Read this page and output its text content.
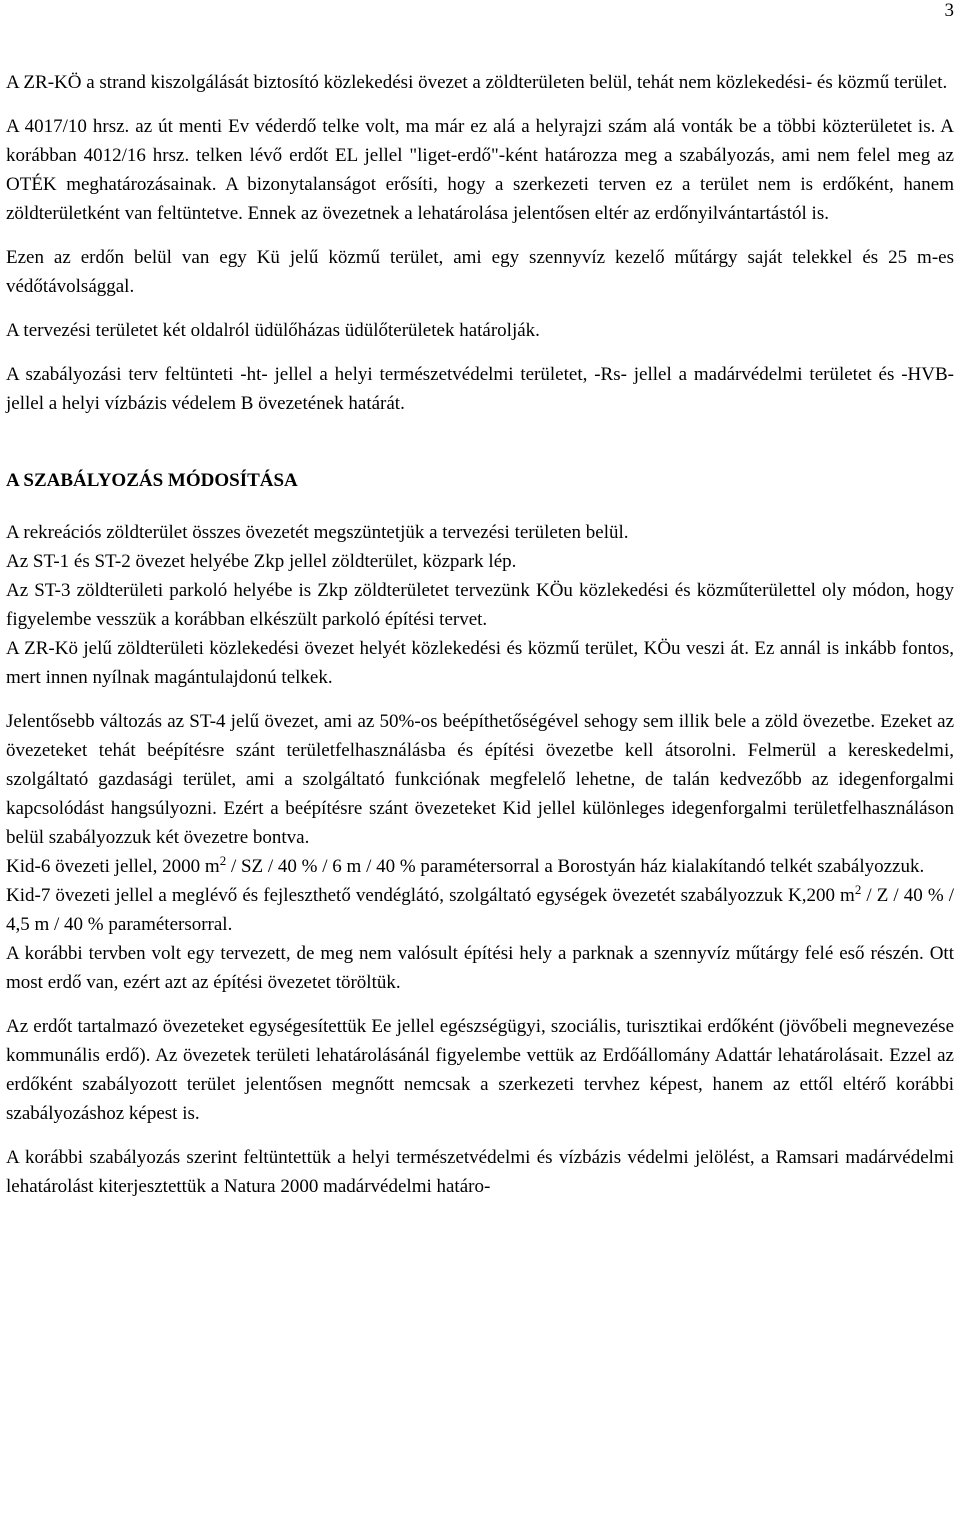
3

A ZR-KÖ a strand kiszolgálását biztosító közlekedési övezet a zöldterületen belül, tehát nem közlekedési- és közmű terület.

A 4017/10 hrsz. az út menti Ev véderdő telke volt, ma már ez alá a helyrajzi szám alá vonták be a többi közterületet is. A korábban 4012/16 hrsz. telken lévő erdőt EL jellel "liget-erdő"-ként határozza meg a szabályozás, ami nem felel meg az OTÉK meghatározásainak. A bizonytalanságot erősíti, hogy a szerkezeti terven ez a terület nem is erdőként, hanem zöldterületként van feltüntetve. Ennek az övezetnek a lehatárolása jelentősen eltér az erdőnyilvántartástól is.

Ezen az erdőn belül van egy Kü jelű közmű terület, ami egy szennyvíz kezelő műtárgy saját telekkel és 25 m-es védőtávolsággal.

A tervezési területet két oldalról üdülőházas üdülőterületek határolják.

A szabályozási terv feltünteti -ht- jellel a helyi természetvédelmi területet, -Rs- jellel a madárvédelmi területet és -HVB- jellel a helyi vízbázis védelem B övezetének határát.

A SZABÁLYOZÁS MÓDOSÍTÁSA

A rekreációs zöldterület összes övezetét megszüntetjük a tervezési területen belül.

Az ST-1 és ST-2 övezet helyébe Zkp jellel zöldterület, közpark lép.

Az ST-3 zöldterületi parkoló helyébe is Zkp zöldterületet tervezünk KÖu közlekedési és közműterülettel oly módon, hogy figyelembe vesszük a korábban elkészült parkoló építési tervet.

A ZR-Kö jelű zöldterületi közlekedési övezet helyét közlekedési és közmű terület, KÖu veszi át. Ez annál is inkább fontos, mert innen nyílnak magántulajdonú telkek.

Jelentősebb változás az ST-4 jelű övezet, ami az 50%-os beépíthetőségével sehogy sem illik bele a zöld övezetbe. Ezeket az övezeteket tehát beépítésre szánt területfelhasználásba és építési övezetbe kell átsorolni. Felmerül a kereskedelmi, szolgáltató gazdasági terület, ami a szolgáltató funkciónak megfelelő lehetne, de talán kedvezőbb az idegenforgalmi kapcsolódást hangsúlyozni. Ezért a beépítésre szánt övezeteket Kid jellel különleges idegenforgalmi területfelhasználáson belül szabályozzuk két övezetre bontva.

Kid-6 övezeti jellel, 2000 $m^2$ / SZ / 40 % / 6 m / 40 % paramétersorral a Borostyán ház kialakítandó telkét szabályozzuk.

Kid-7 övezeti jellel a meglévő és fejleszthető vendéglátó, szolgáltató egységek övezetét szabályozzuk K,200 $m^2$ / Z / 40 % / 4,5 m / 40 % paramétersorral.

A korábbi tervben volt egy tervezett, de meg nem valósult építési hely a parknak a szennyvíz műtárgy felé eső részén. Ott most erdő van, ezért azt az építési övezetet töröltük.

Az erdőt tartalmazó övezeteket egységesítettük Ee jellel egészségügyi, szociális, turisztikai erdőként (jövőbeli megnevezése kommunális erdő). Az övezetek területi lehatárolásánál figyelembe vettük az Erdőállomány Adattár lehatárolásait. Ezzel az erdőként szabályozott terület jelentősen megnőtt nemcsak a szerkezeti tervhez képest, hanem az ettől eltérő korábbi szabályozáshoz képest is.

A korábbi szabályozás szerint feltüntettük a helyi természetvédelmi és vízbázis védelmi jelölést, a Ramsari madárvédelmi lehatárolást kiterjesztettük a Natura 2000 madárvédelmi határo-
